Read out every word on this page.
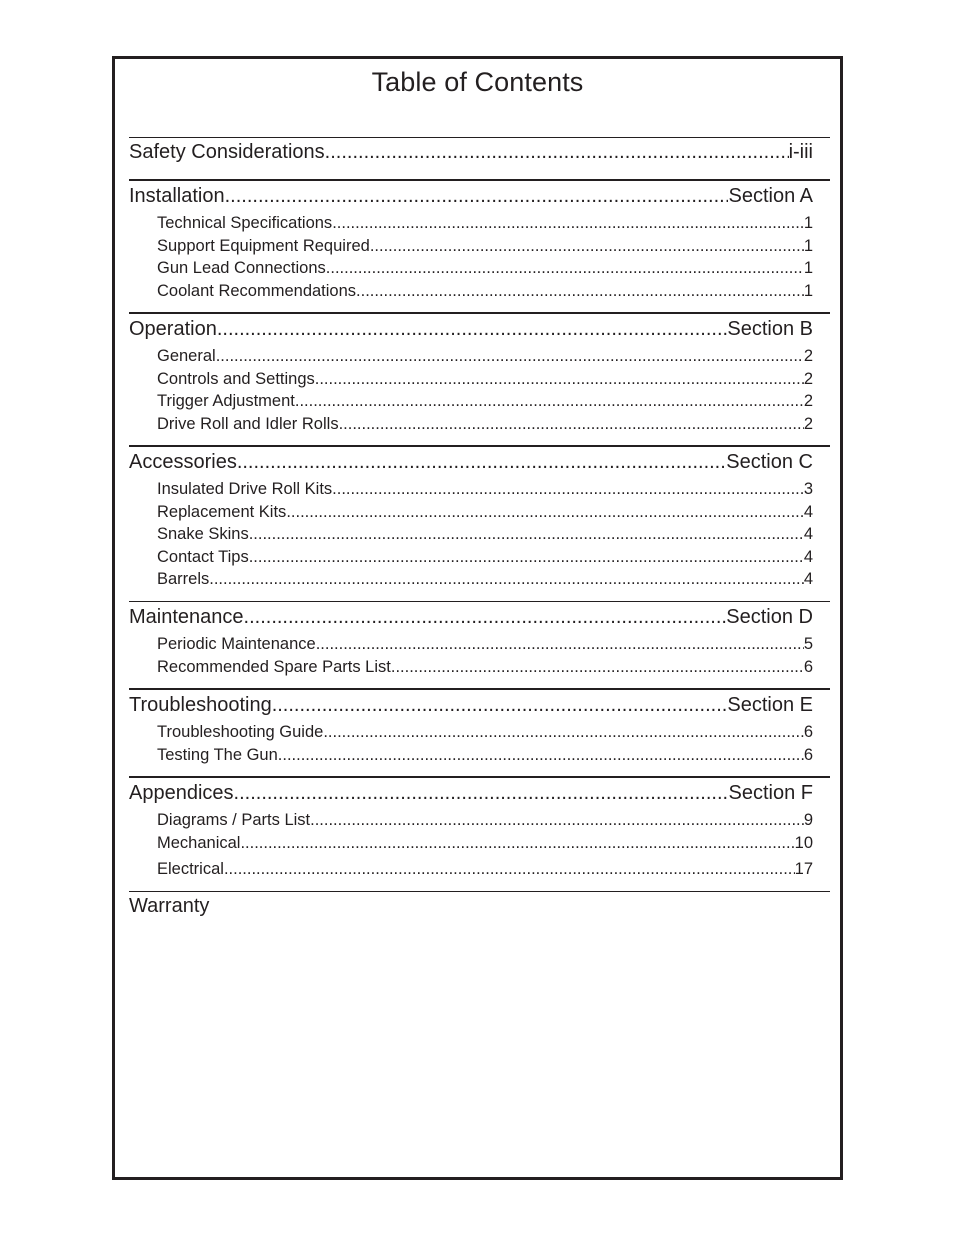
Table of Contents
Safety Considerations .....	i-iii
Installation .....	Section A
Technical Specifications .....	1
Support Equipment Required .....	1
Gun Lead Connections .....	1
Coolant Recommendations .....	1
Operation .....	Section B
General .....	2
Controls and Settings .....	2
Trigger Adjustment .....	2
Drive Roll and Idler Rolls .....	2
Accessories .....	Section C
Insulated Drive Roll Kits .....	3
Replacement Kits .....	4
Snake Skins .....	4
Contact Tips .....	4
Barrels .....	4
Maintenance .....	Section D
Periodic Maintenance .....	5
Recommended Spare Parts List .....	6
Troubleshooting .....	Section E
Troubleshooting Guide .....	6
Testing The Gun .....	6
Appendices .....	Section F
Diagrams / Parts List .....	9
Mechanical .....	10
Electrical .....	17
Warranty
